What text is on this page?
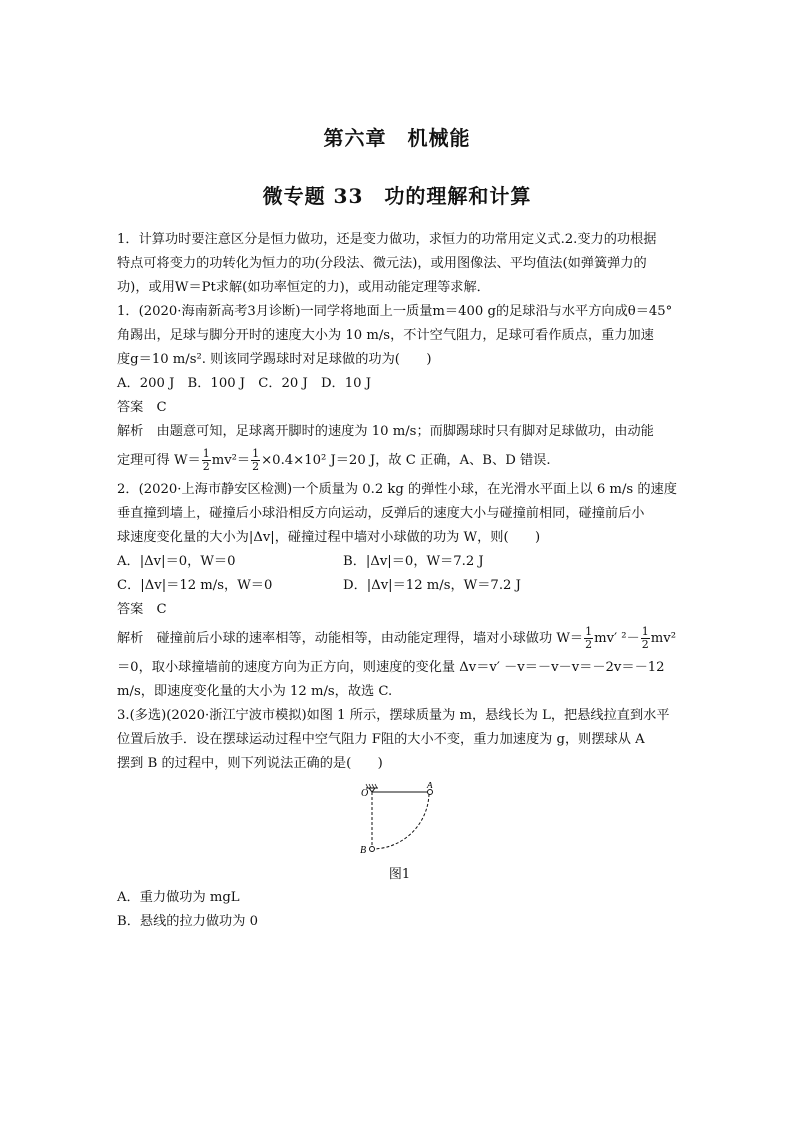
第六章　机械能
微专题 33　功的理解和计算

1．计算功时要注意区分是恒力做功，还是变力做功，求恒力的功常用定义式.2.变力的功根据

特点可将变力的功转化为恒力的功(分段法、微元法)，或用图像法、平均值法(如弹簧弹力的

功)，或用W＝Pt求解(如功率恒定的力)，或用动能定理等求解．

1．(2020·海南新高考3月诊断)一同学将地面上一质量m＝400 g的足球沿与水平方向成θ＝45°

角踢出，足球与脚分开时的速度大小为 10 m/s，不计空气阻力，足球可看作质点，重力加速

度g＝10 m/s². 则该同学踢球时对足球做的功为(　　)

A．200 J　B．100 J　C．20 J　D．10 J

答案　C

解析　由题意可知，足球离开脚时的速度为 10 m/s；而脚踢球时只有脚对足球做功，由动能

定理可得 $W= \frac{1}{2} mv^2= \frac{1}{2} \times 0.4\times 10^2$ J＝20 J，故 C 正确，A、B、D 错误.

2．(2020·上海市静安区检测)一个质量为 0.2 kg 的弹性小球，在光滑水平面上以 6 m/s 的速度

垂直撞到墙上，碰撞后小球沿相反方向运动，反弹后的速度大小与碰撞前相同，碰撞前后小

球速度变化量的大小为|Δv|，碰撞过程中墙对小球做的功为 W，则(　　)

A．|Δv|＝0，W＝0	B．|Δv|＝0，W＝7.2 J
C．|Δv|＝12 m/s，W＝0	D．|Δv|＝12 m/s，W＝7.2 J

答案　C

解析　碰撞前后小球的速率相等，动能相等，由动能定理得，墙对小球做功 $W= \frac{1}{2} mv'$ $^2- \frac{1}{2} mv^2$

＝0，取小球撞墙前的速度方向为正方向，则速度的变化量 Δv＝v′ －v＝－v－v＝－2v＝－12

m/s，即速度变化量的大小为 12 m/s，故选 C.

3.(多选)(2020·浙江宁波市模拟)如图 1 所示，摆球质量为 m，悬线长为 L，把悬线拉直到水平

位置后放手．设在摆球运动过程中空气阻力 F阻的大小不变，重力加速度为 g，则摆球从 A

摆到 B 的过程中，则下列说法正确的是(　　)

O
A
B
图1

A．重力做功为 mgL

B．悬线的拉力做功为 0
